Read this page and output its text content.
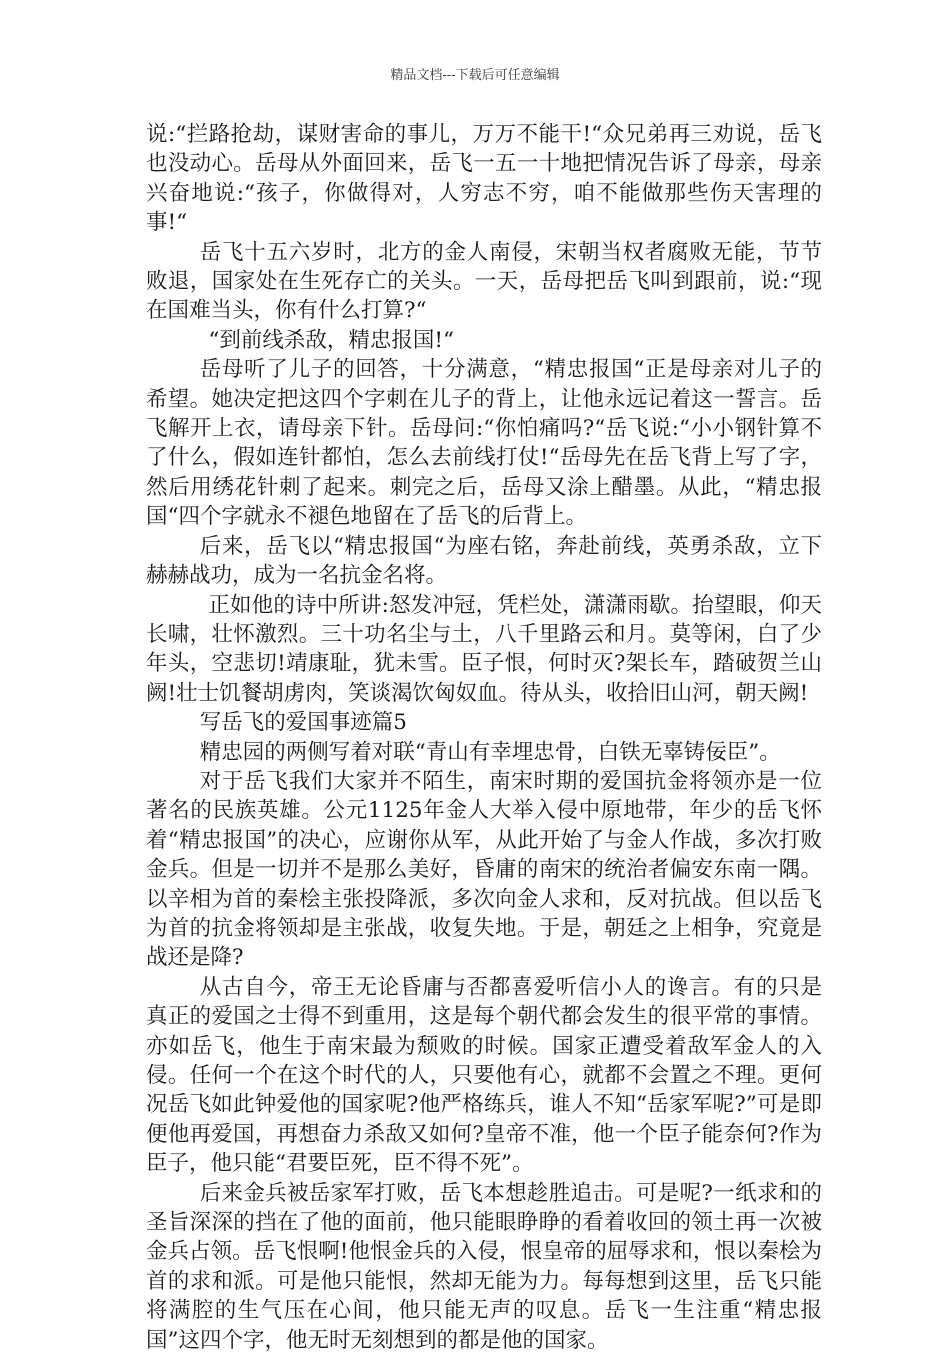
精品文档---下载后可任意编辑

说:“拦路抢劫，谋财害命的事儿，万万不能干!“众兄弟再三劝说，岳飞也没动心。岳母从外面回来，岳飞一五一十地把情况告诉了母亲，母亲兴奋地说:“孩子，你做得对，人穷志不穷，咱不能做那些伤天害理的事!“

岳飞十五六岁时，北方的金人南侵，宋朝当权者腐败无能，节节败退，国家处在生死存亡的关头。一天，岳母把岳飞叫到跟前，说:“现在国难当头，你有什么打算?“

“到前线杀敌，精忠报国!“

岳母听了儿子的回答，十分满意，“精忠报国“正是母亲对儿子的希望。她决定把这四个字刺在儿子的背上，让他永远记着这一誓言。岳飞解开上衣，请母亲下针。岳母问:“你怕痛吗?“岳飞说:“小小钢针算不了什么，假如连针都怕，怎么去前线打仗!“岳母先在岳飞背上写了字，然后用绣花针刺了起来。刺完之后，岳母又涂上醋墨。从此，“精忠报国“四个字就永不褪色地留在了岳飞的后背上。

后来，岳飞以“精忠报国“为座右铭，奔赴前线，英勇杀敌，立下赫赫战功，成为一名抗金名将。

正如他的诗中所讲:怒发冲冠，凭栏处，潇潇雨歇。抬望眼，仰天长啸，壮怀激烈。三十功名尘与土，八千里路云和月。莫等闲，白了少年头，空悲切!靖康耻，犹未雪。臣子恨，何时灭?架长车，踏破贺兰山阙!壮士饥餐胡虏肉，笑谈渴饮匈奴血。待从头，收拾旧山河，朝天阙!

写岳飞的爱国事迹篇5

精忠园的两侧写着对联“青山有幸埋忠骨，白铁无辜铸佞臣”。

对于岳飞我们大家并不陌生，南宋时期的爱国抗金将领亦是一位著名的民族英雄。公元1125年金人大举入侵中原地带，年少的岳飞怀着“精忠报国”的决心，应谢你从军，从此开始了与金人作战，多次打败金兵。但是一切并不是那么美好，昏庸的南宋的统治者偏安东南一隅。以辛相为首的秦桧主张投降派，多次向金人求和，反对抗战。但以岳飞为首的抗金将领却是主张战，收复失地。于是，朝廷之上相争，究竟是战还是降?

从古自今，帝王无论昏庸与否都喜爱听信小人的谗言。有的只是真正的爱国之士得不到重用，这是每个朝代都会发生的很平常的事情。亦如岳飞，他生于南宋最为颓败的时候。国家正遭受着敌军金人的入侵。任何一个在这个时代的人，只要他有心，就都不会置之不理。更何况岳飞如此钟爱他的国家呢?他严格练兵，谁人不知“岳家军呢?”可是即便他再爱国，再想奋力杀敌又如何?皇帝不准，他一个臣子能奈何?作为臣子，他只能“君要臣死，臣不得不死”。

后来金兵被岳家军打败，岳飞本想趁胜追击。可是呢?一纸求和的圣旨深深的挡在了他的面前，他只能眼睁睁的看着收回的领土再一次被金兵占领。岳飞恨啊!他恨金兵的入侵，恨皇帝的屈辱求和，恨以秦桧为首的求和派。可是他只能恨，然却无能为力。每每想到这里，岳飞只能将满腔的生气压在心间，他只能无声的叹息。岳飞一生注重“精忠报国”这四个字，他无时无刻想到的都是他的国家。
